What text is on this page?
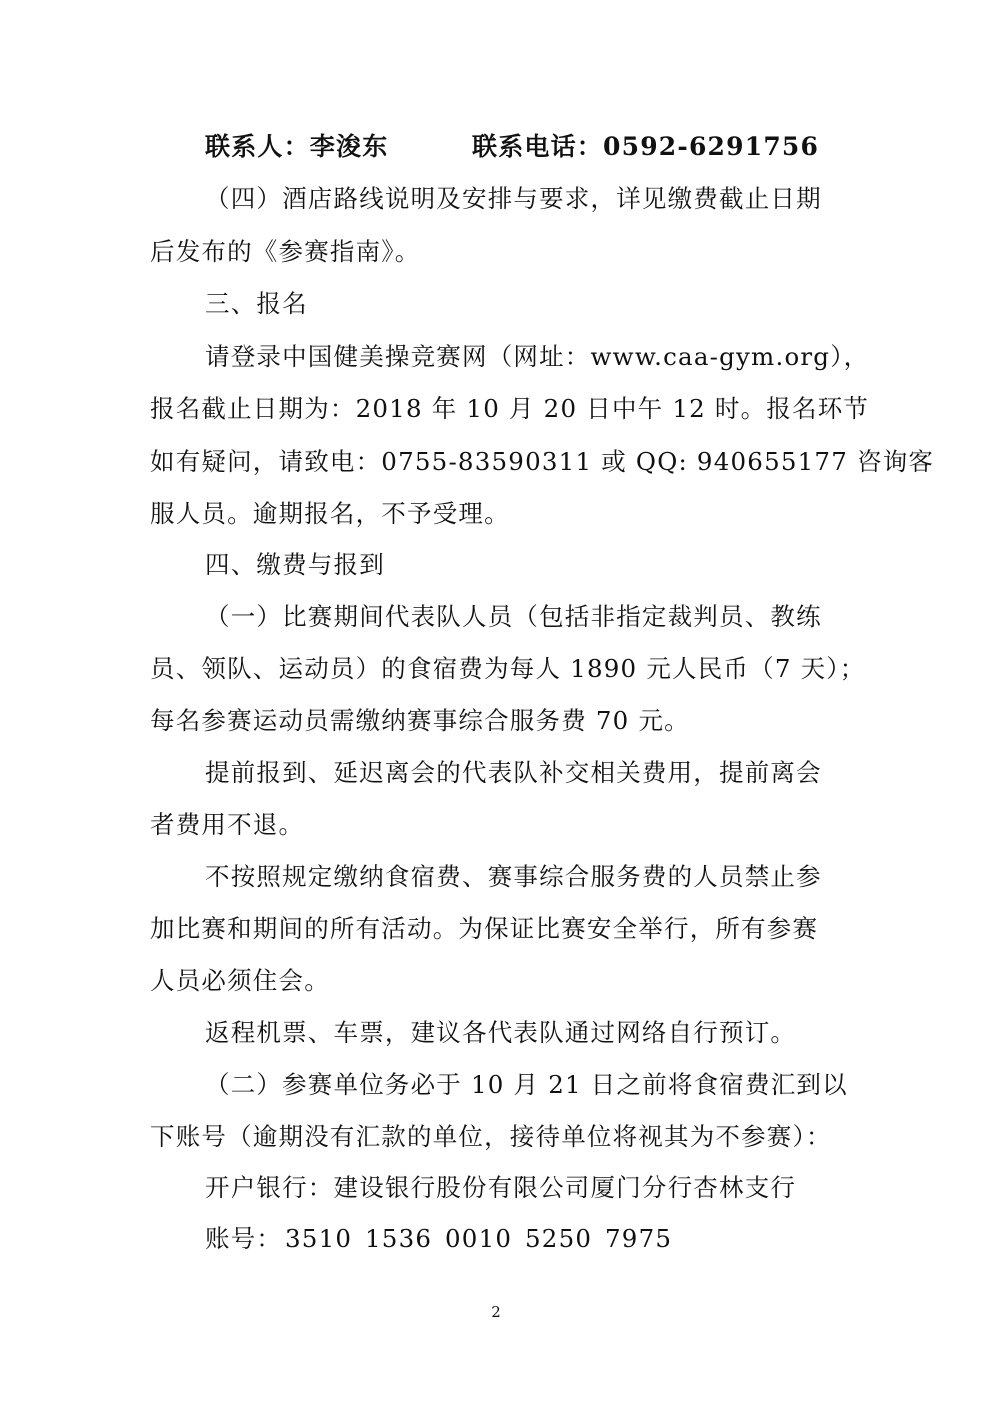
联系人：李浚东	联系电话：0592-6291756
（四）酒店路线说明及安排与要求，详见缴费截止日期
后发布的《参赛指南》。
三、报名
请登录中国健美操竞赛网（网址：www.caa-gym.org），
报名截止日期为：2018 年 10 月 20 日中午 12 时。报名环节
如有疑问，请致电：0755-83590311 或 QQ: 940655177 咨询客
服人员。逾期报名，不予受理。
四、缴费与报到
（一）比赛期间代表队人员（包括非指定裁判员、教练
员、领队、运动员）的食宿费为每人 1890 元人民币（7 天）；
每名参赛运动员需缴纳赛事综合服务费 70 元。
提前报到、延迟离会的代表队补交相关费用，提前离会
者费用不退。
不按照规定缴纳食宿费、赛事综合服务费的人员禁止参
加比赛和期间的所有活动。为保证比赛安全举行，所有参赛
人员必须住会。
返程机票、车票，建议各代表队通过网络自行预订。
（二）参赛单位务必于 10 月 21 日之前将食宿费汇到以
下账号（逾期没有汇款的单位，接待单位将视其为不参赛）：
开户银行：建设银行股份有限公司厦门分行杏林支行
账号： 3510 1536 0010 5250 7975
2
